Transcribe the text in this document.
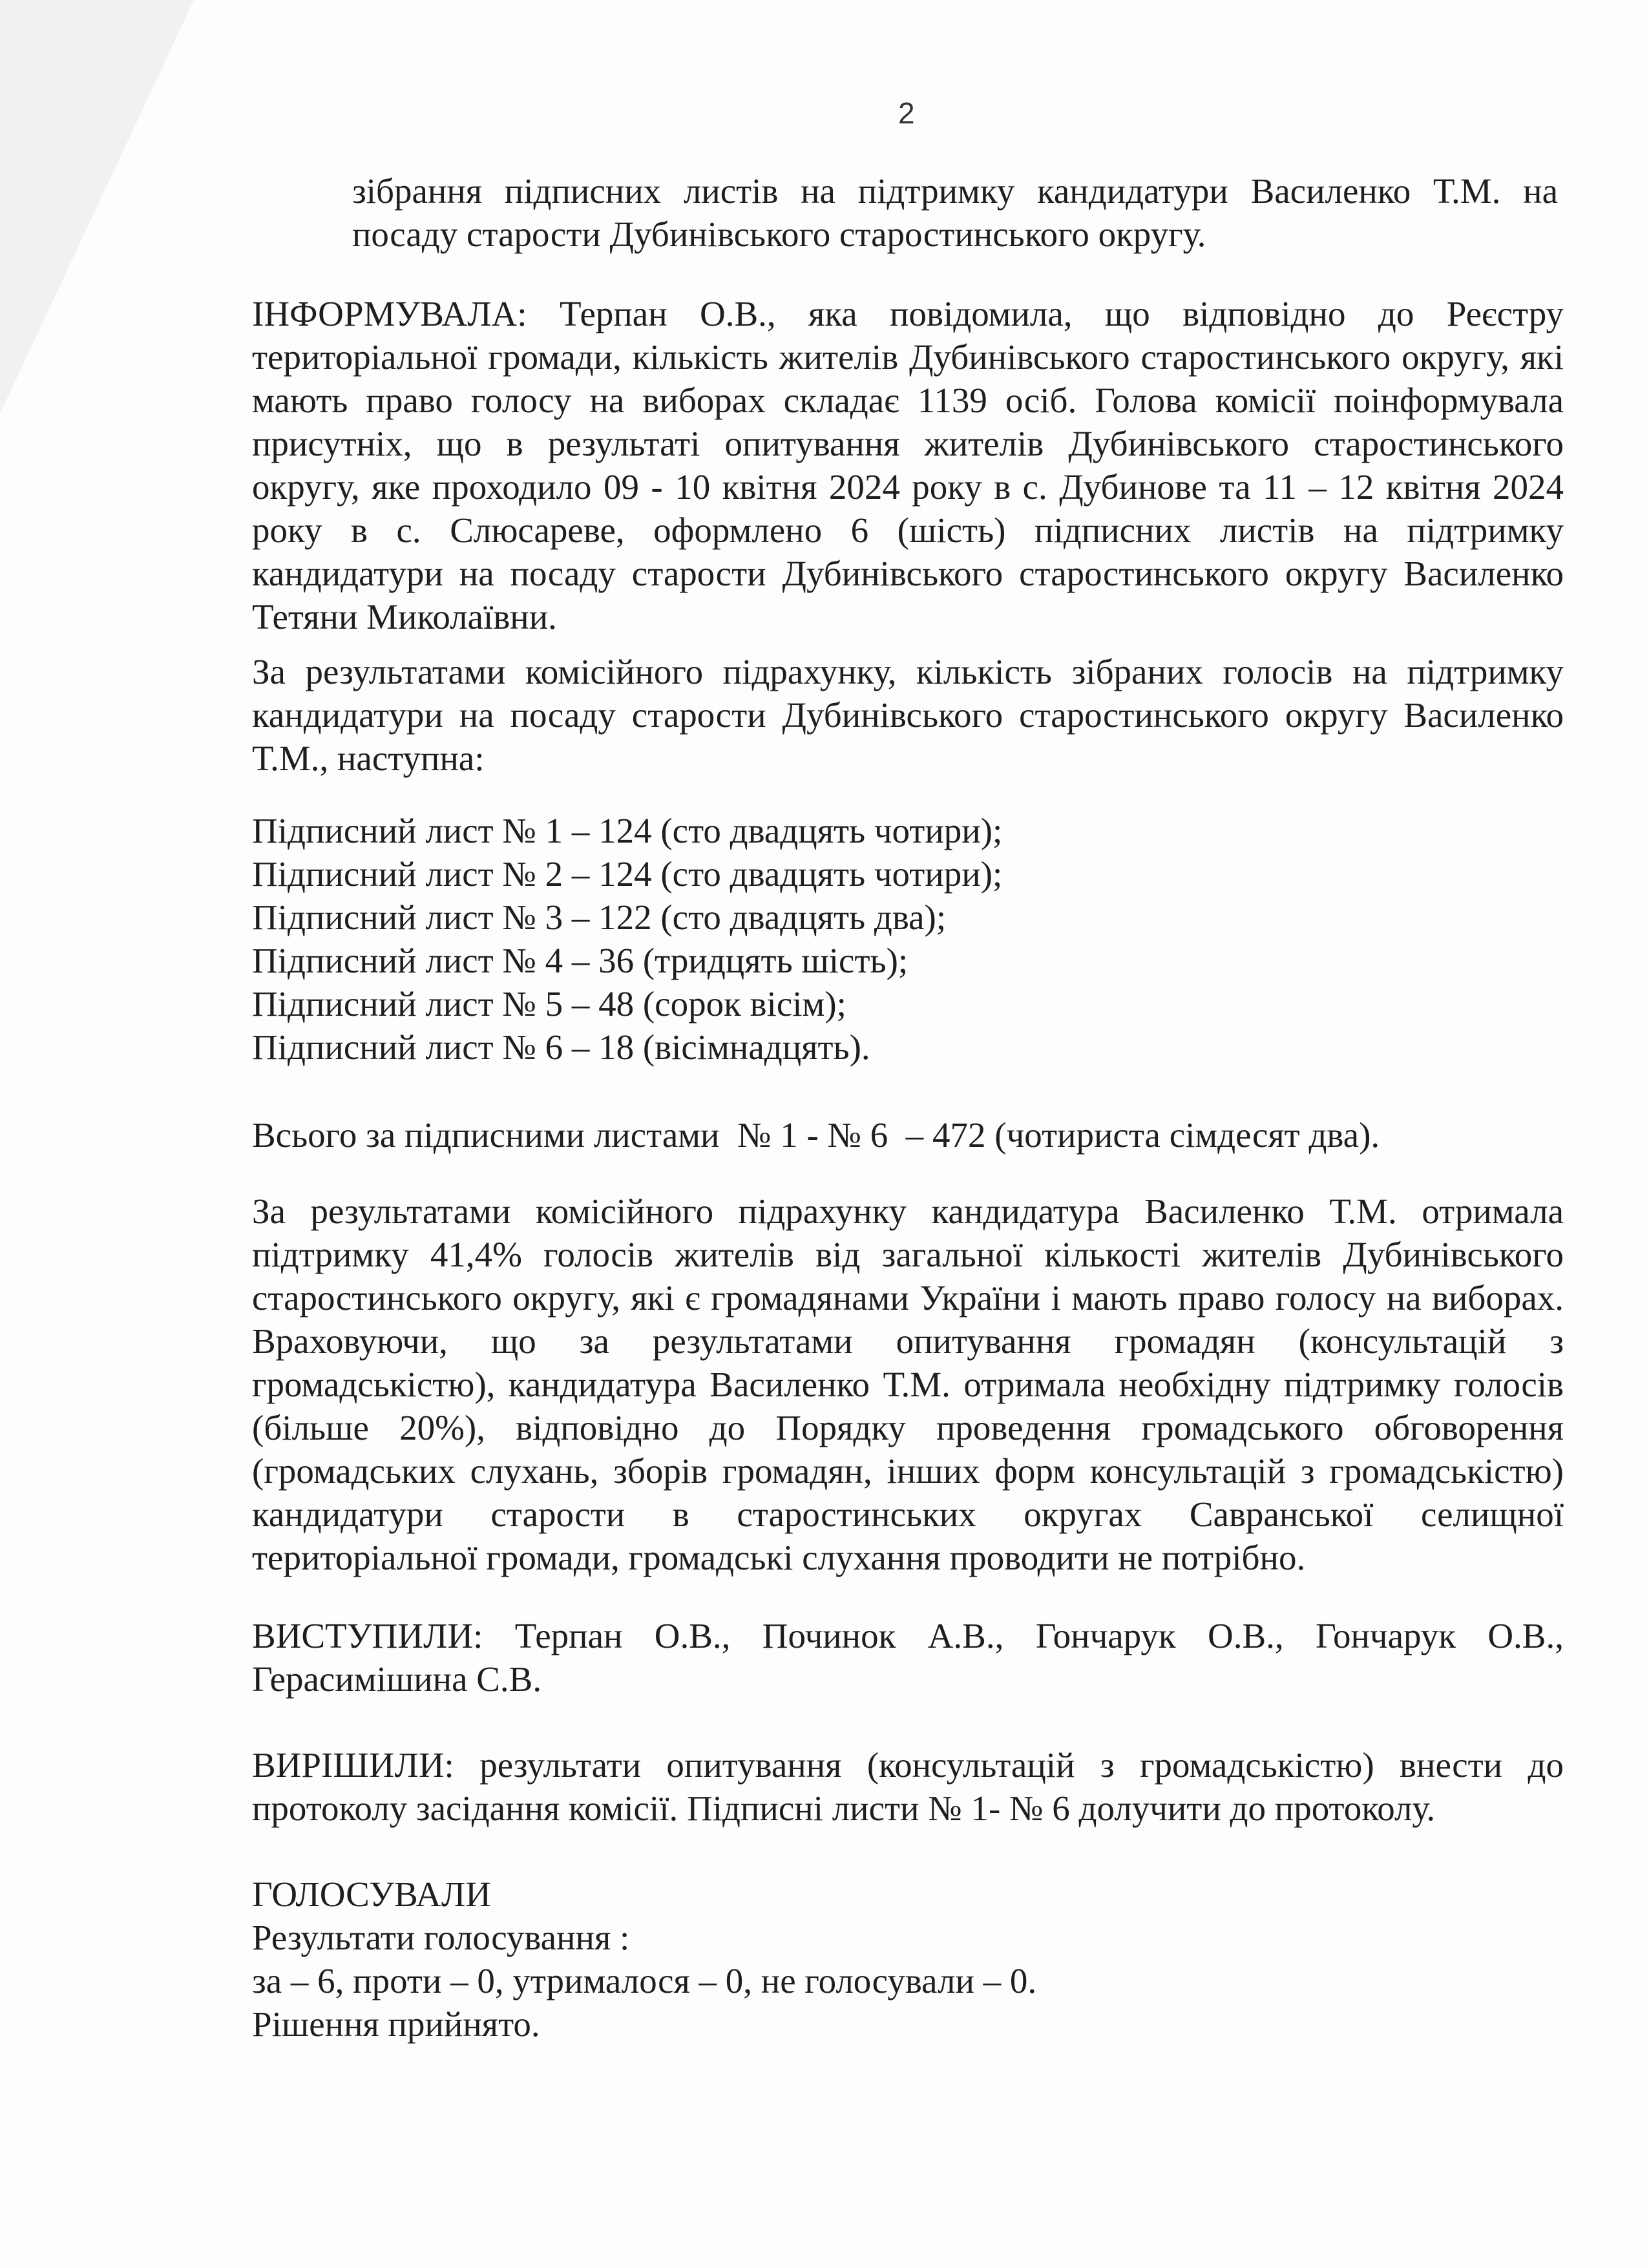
2

зібрання підписних листів на підтримку кандидатури Василенко Т.М. на посаду старости Дубинівського старостинського округу.

ІНФОРМУВАЛА: Терпан О.В., яка повідомила, що відповідно до Реєстру територіальної громади, кількість жителів Дубинівського старостинського округу, які мають право голосу на виборах складає 1139 осіб. Голова комісії поінформувала присутніх, що в результаті опитування жителів Дубинівського старостинського округу, яке проходило 09 - 10 квітня 2024 року в с. Дубинове та 11 – 12 квітня 2024 року в с. Слюсареве, оформлено 6 (шість) підписних листів на підтримку кандидатури на посаду старости Дубинівського старостинського округу Василенко Тетяни Миколаївни.

За результатами комісійного підрахунку, кількість зібраних голосів на підтримку кандидатури на посаду старости Дубинівського старостинського округу Василенко Т.М., наступна:

Підписний лист № 1 – 124 (сто двадцять чотири);

Підписний лист № 2 – 124 (сто двадцять чотири);

Підписний лист № 3 – 122 (сто двадцять два);

Підписний лист № 4 – 36 (тридцять шість);

Підписний лист № 5 – 48 (сорок вісім);

Підписний лист № 6 – 18 (вісімнадцять).

Всього за підписними листами  № 1 - № 6  – 472 (чотириста сімдесят два).

За результатами комісійного підрахунку кандидатура Василенко Т.М. отримала підтримку 41,4% голосів жителів від загальної кількості жителів Дубинівського старостинського округу, які є громадянами України і мають право голосу на виборах. Враховуючи, що за результатами опитування громадян (консультацій з громадськістю), кандидатура Василенко Т.М. отримала необхідну підтримку голосів (більше 20%), відповідно до Порядку проведення громадського обговорення (громадських слухань, зборів громадян, інших форм консультацій з громадськістю) кандидатури старости в старостинських округах Савранської селищної територіальної громади, громадські слухання проводити не потрібно.

ВИСТУПИЛИ: Терпан О.В., Починок А.В., Гончарук О.В., Гончарук О.В., Герасимішина С.В.

ВИРІШИЛИ: результати опитування (консультацій з громадськістю) внести до протоколу засідання комісії. Підписні листи № 1- № 6 долучити до протоколу.

ГОЛОСУВАЛИ

Результати голосування :

за – 6, проти – 0, утрималося – 0, не голосували – 0.

Рішення прийнято.
